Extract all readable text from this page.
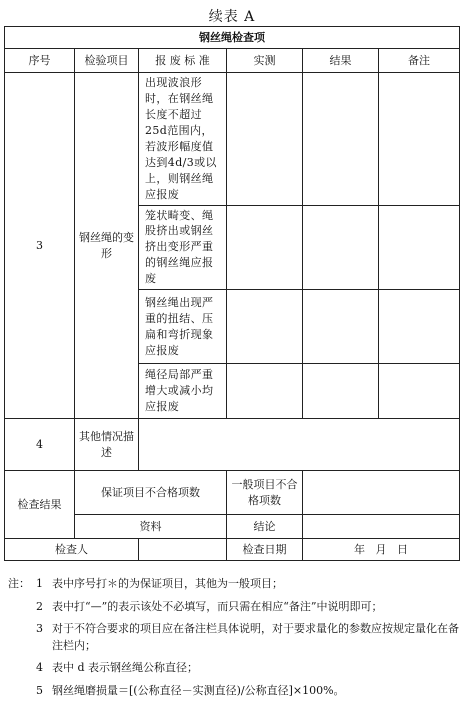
续表 A
钢丝绳检查项					
序号	检验项目	报 废 标 准	实测	结果	备注
3	钢丝绳的变形	出现波浪形时，在钢丝绳长度不超过25d范围内，若波形幅度值达到4d/3或以上，则钢丝绳应报废			
		笼状畸变、绳股挤出或钢丝挤出变形严重的钢丝绳应报废			
		钢丝绳出现严重的扭结、压扁和弯折现象应报废			
		绳径局部严重增大或减小均应报废			
4	其他情况描述				
检查结果	保证项目不合格项数		一般项目不合格项数		
	资料		结论		
检查人			检查日期	年   月   日	
注： 1 表中序号打＊的为保证项目，其他为一般项目；
2 表中打“—”的表示该处不必填写，而只需在相应“备注”中说明即可；
3 对于不符合要求的项目应在备注栏具体说明，对于要求量化的参数应按规定量化在备注栏内；
4 表中 d 表示钢丝绳公称直径；
5 钢丝绳磨损量＝[(公称直径－实测直径)/公称直径]×100%。
